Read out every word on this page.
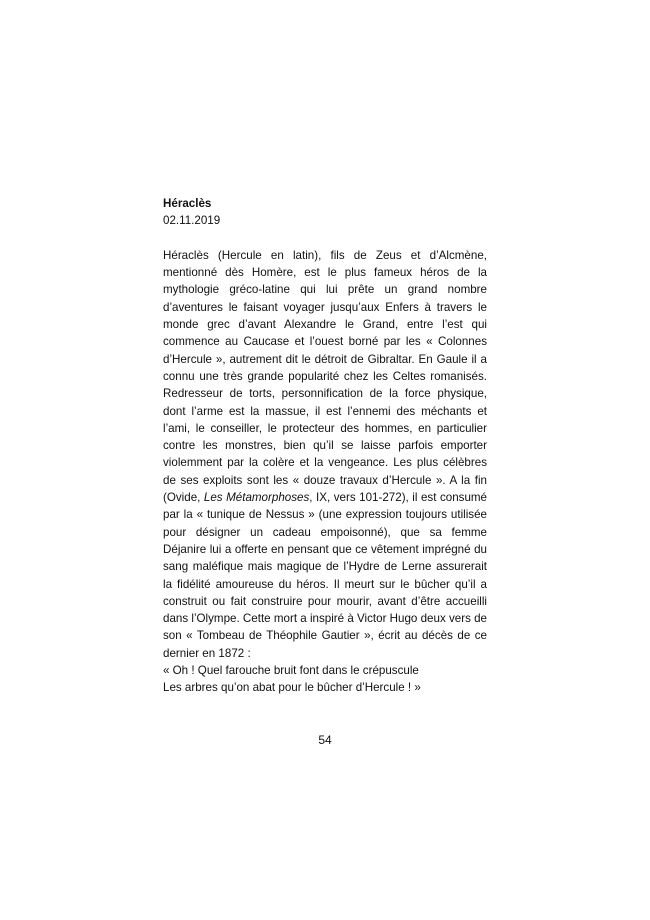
Héraclès

02.11.2019

Héraclès (Hercule en latin), fils de Zeus et d’Alcmène, mentionné dès Homère, est le plus fameux héros de la mythologie gréco-latine qui lui prête un grand nombre d’aventures le faisant voyager jusqu’aux Enfers à travers le monde grec d’avant Alexandre le Grand, entre l’est qui commence au Caucase et l’ouest borné par les « Colonnes d’Hercule », autrement dit le détroit de Gibraltar. En Gaule il a connu une très grande popularité chez les Celtes romanisés. Redresseur de torts, personnification de la force physique, dont l’arme est la massue, il est l’ennemi des méchants et l’ami, le conseiller, le protecteur des hommes, en particulier contre les monstres, bien qu’il se laisse parfois emporter violemment par la colère et la vengeance. Les plus célèbres de ses exploits sont les « douze travaux d’Hercule ». A la fin (Ovide, Les Métamorphoses, IX, vers 101-272), il est consumé par la « tunique de Nessus » (une expression toujours utilisée pour désigner un cadeau empoisonné), que sa femme Déjanire lui a offerte en pensant que ce vêtement imprégné du sang maléfique mais magique de l’Hydre de Lerne assurerait la fidélité amoureuse du héros. Il meurt sur le bûcher qu’il a construit ou fait construire pour mourir, avant d’être accueilli dans l’Olympe. Cette mort a inspiré à Victor Hugo deux vers de son « Tombeau de Théophile Gautier », écrit au décès de ce dernier en 1872 :

« Oh ! Quel farouche bruit font dans le crépuscule

Les arbres qu’on abat pour le bûcher d’Hercule ! »

54
